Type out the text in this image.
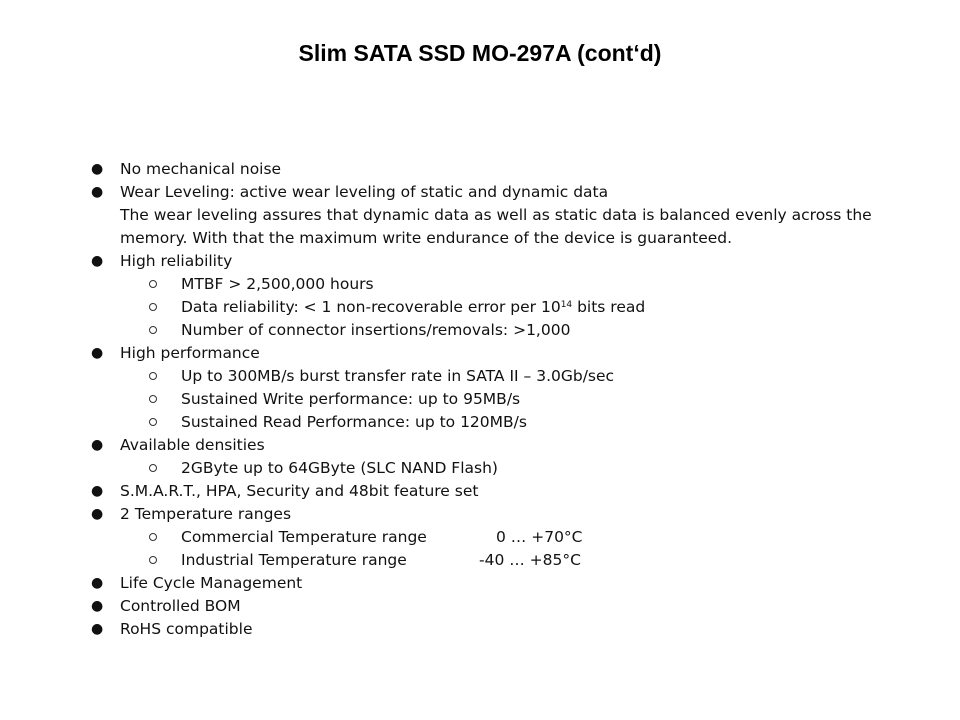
Slim SATA SSD MO-297A (cont‘d)
● No mechanical noise
● Wear Leveling: active wear leveling of static and dynamic data
The wear leveling assures that dynamic data as well as static data is balanced evenly across the
memory. With that the maximum write endurance of the device is guaranteed.
● High reliability
MTBF > 2,500,000 hours
Data reliability: < 1 non-recoverable error per $10^{14}$ bits read
Number of connector insertions/removals: >1,000
● High performance
Up to 300MB/s burst transfer rate in SATA II – 3.0Gb/sec
Sustained Write performance: up to 95MB/s
Sustained Read Performance: up to 120MB/s
● Available densities
2GByte up to 64GByte (SLC NAND Flash)
● S.M.A.R.T., HPA, Security and 48bit feature set
● 2 Temperature ranges
Commercial Temperature range	0 … +70°C
Industrial Temperature range	-40 … +85°C
● Life Cycle Management
● Controlled BOM
● RoHS compatible
